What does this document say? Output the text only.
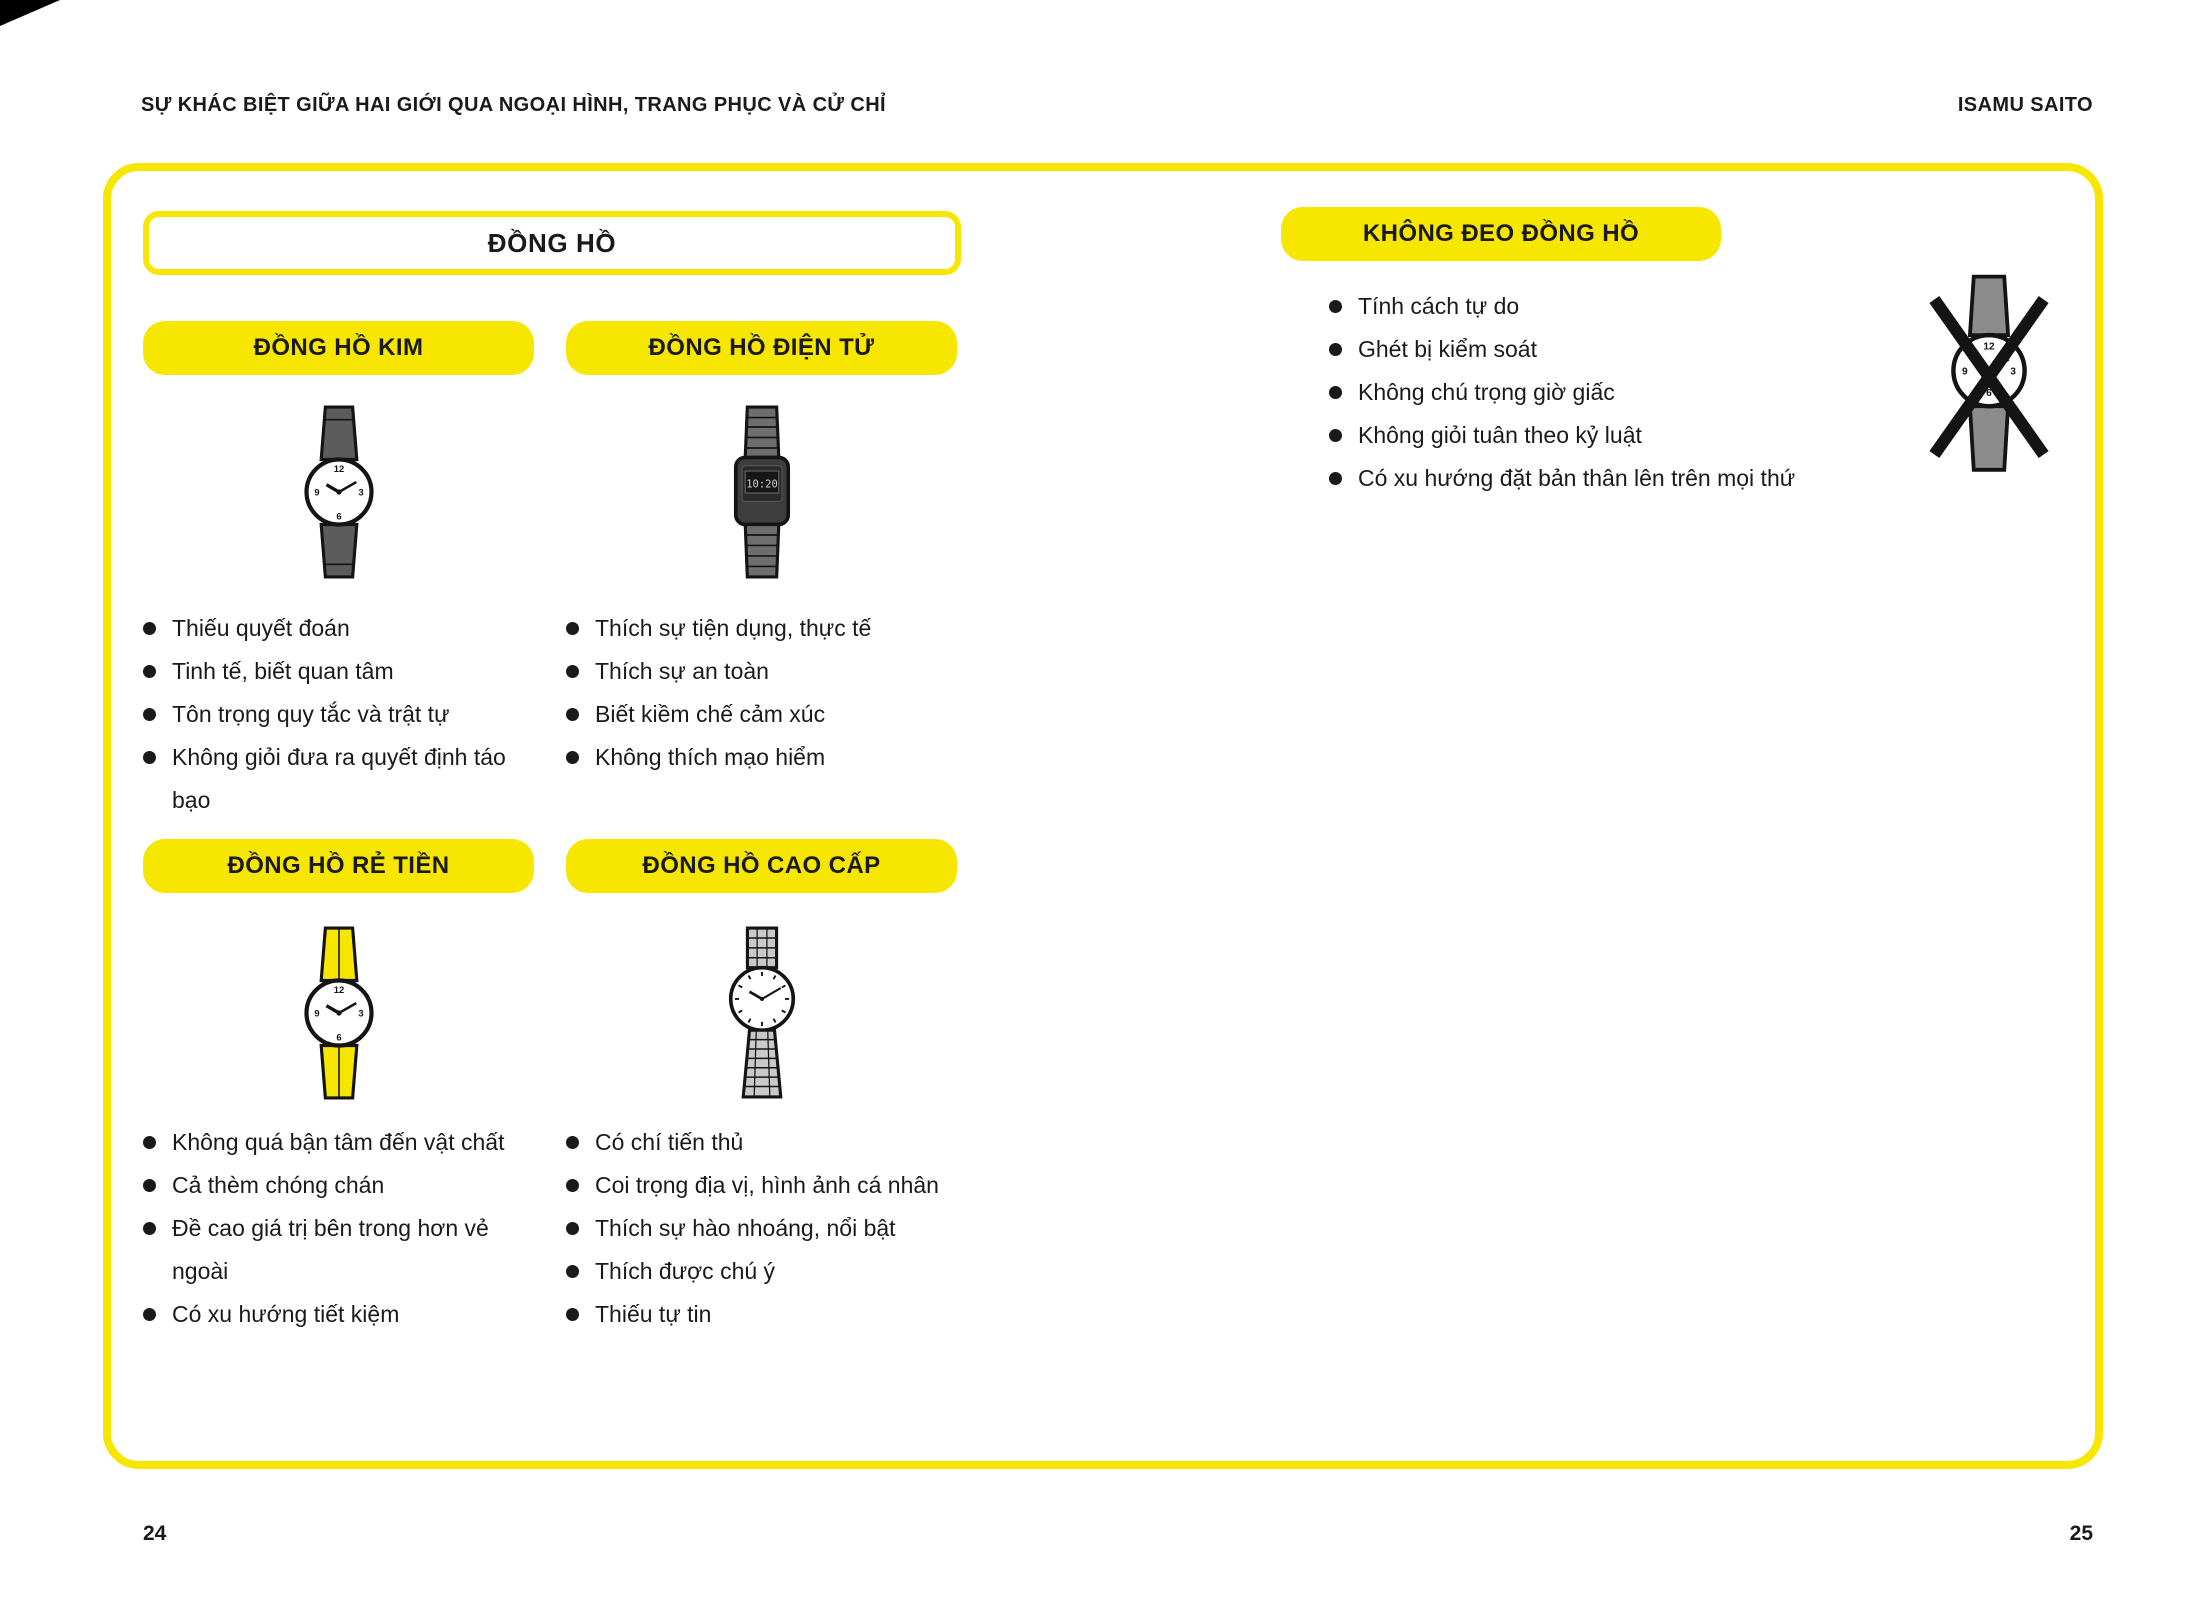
SỰ KHÁC BIỆT GIỮA HAI GIỚI QUA NGOẠI HÌNH, TRANG PHỤC VÀ CỬ CHỈ	ISAMU SAITO
ĐỒNG HỒ
ĐỒNG HỒ KIM	ĐỒNG HỒ ĐIỆN TỬ
12
3
6
9
10:20
Thiếu quyết đoán
Tinh tế, biết quan tâm
Tôn trọng quy tắc và trật tự
Không giỏi đưa ra quyết định táo bạo
Thích sự tiện dụng, thực tế
Thích sự an toàn
Biết kiềm chế cảm xúc
Không thích mạo hiểm
ĐỒNG HỒ RẺ TIỀN	ĐỒNG HỒ CAO CẤP
12
3
6
9
Không quá bận tâm đến vật chất
Cả thèm chóng chán
Đề cao giá trị bên trong hơn vẻ ngoài
Có xu hướng tiết kiệm
Có chí tiến thủ
Coi trọng địa vị, hình ảnh cá nhân
Thích sự hào nhoáng, nổi bật
Thích được chú ý
Thiếu tự tin
KHÔNG ĐEO ĐỒNG HỒ
Tính cách tự do
Ghét bị kiểm soát
Không chú trọng giờ giấc
Không giỏi tuân theo kỷ luật
Có xu hướng đặt bản thân lên trên mọi thứ
12
3
6
9
24	25
